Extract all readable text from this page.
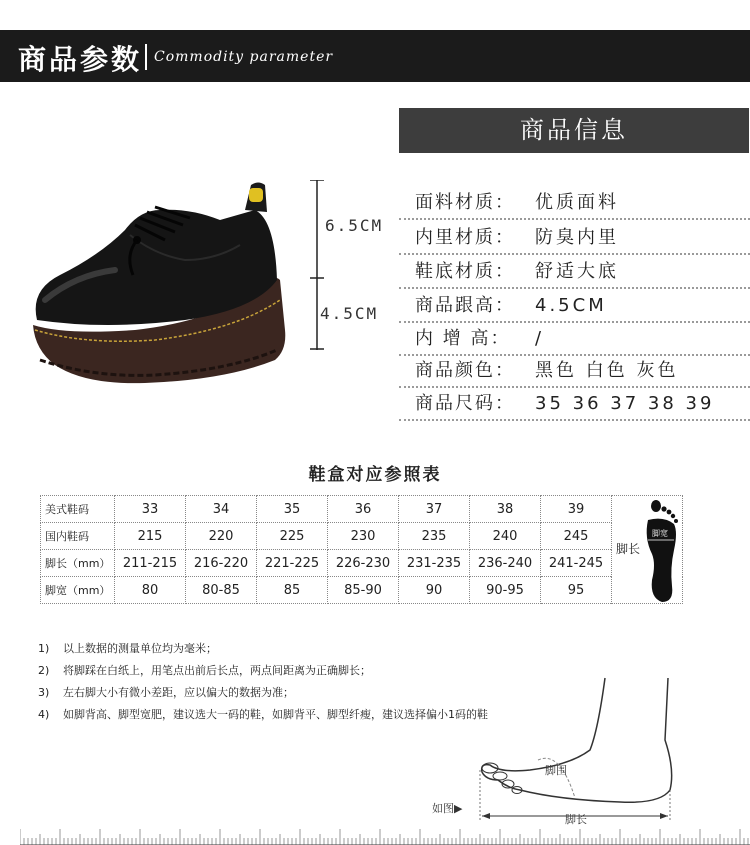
商品参数 Commodity parameter
6.5CM
4.5CM
商品信息
面料材质： 优质面料
内里材质： 防臭内里
鞋底材质： 舒适大底
商品跟高： 4.5CM
内 增 高： /
商品颜色： 黑色 白色 灰色
商品尺码： 35 36 37 38 39
鞋盒对应参照表
美式鞋码	33	34	35	36	37	38	39	脚长
脚宽

国内鞋码	215	220	225	230	235	240	245	
脚长（mm）	211-215	216-220	221-225	226-230	231-235	236-240	241-245	
脚宽（mm）	80	80-85	85	85-90	90	90-95	95	
1) 以上数据的测量单位均为毫米；
2) 将脚踩在白纸上，用笔点出前后长点，两点间距离为正确脚长；
3) 左右脚大小有微小差距，应以偏大的数据为准；
4) 如脚背高、脚型宽肥，建议选大一码的鞋，如脚背平、脚型纤瘦，建议选择偏小1码的鞋
脚围
脚长
如图▶
